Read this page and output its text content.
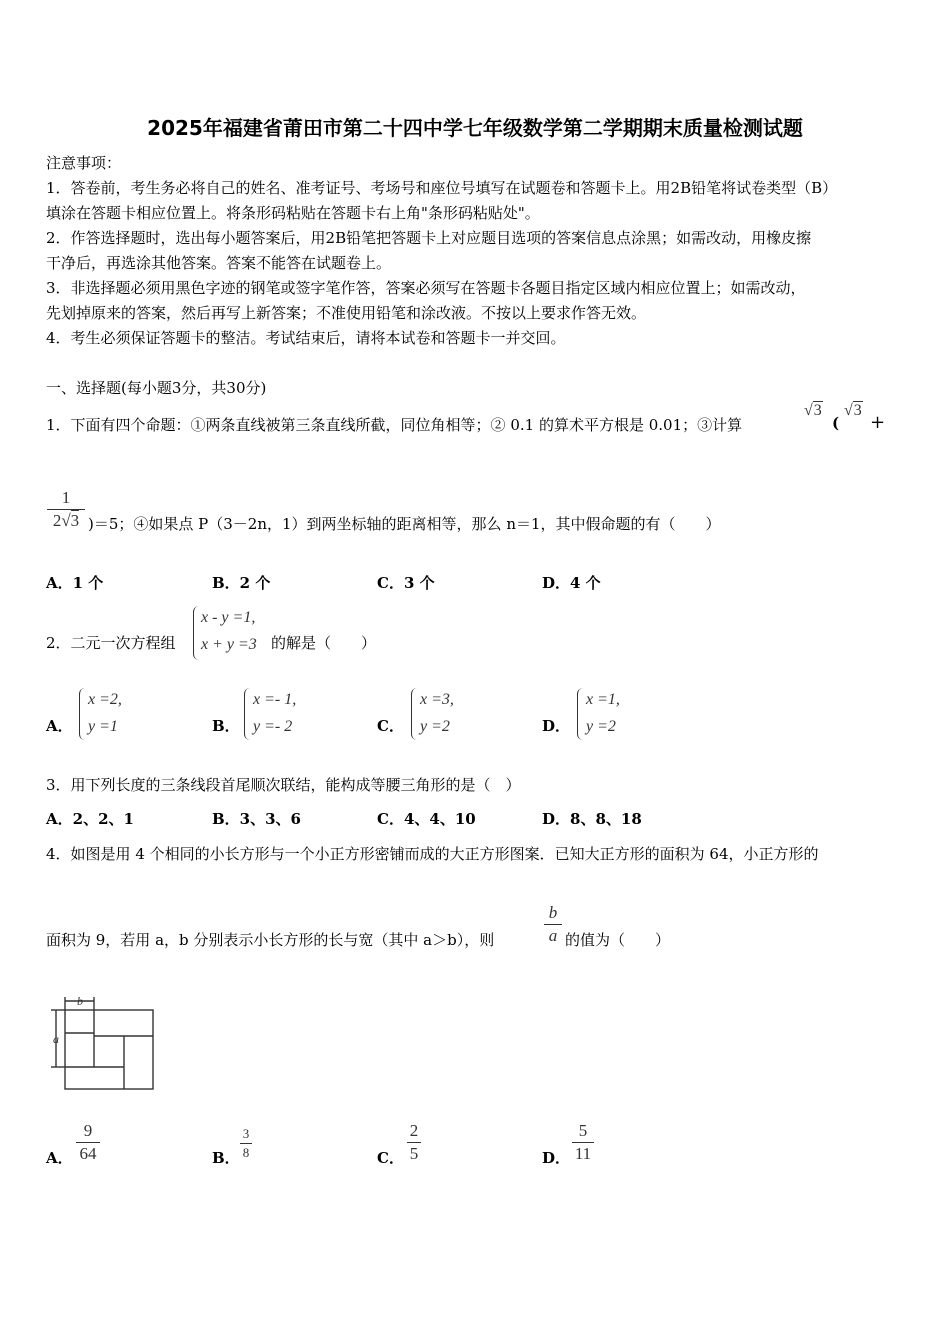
2025年福建省莆田市第二十四中学七年级数学第二学期期末质量检测试题
注意事项：
1．答卷前，考生务必将自己的姓名、准考证号、考场号和座位号填写在试题卷和答题卡上。用2B铅笔将试卷类型（B）
填涂在答题卡相应位置上。将条形码粘贴在答题卡右上角"条形码粘贴处"。
2．作答选择题时，选出每小题答案后，用2B铅笔把答题卡上对应题目选项的答案信息点涂黑；如需改动，用橡皮擦
干净后，再选涂其他答案。答案不能答在试题卷上。
3．非选择题必须用黑色字迹的钢笔或签字笔作答，答案必须写在答题卡各题目指定区域内相应位置上；如需改动，
先划掉原来的答案，然后再写上新答案；不准使用铅笔和涂改液。不按以上要求作答无效。
4．考生必须保证答题卡的整洁。考试结束后，请将本试卷和答题卡一并交回。
一、选择题(每小题3分，共30分)
1．下面有四个命题：①两条直线被第三条直线所截，同位角相等；② 0.1 的算术平方根是 0.01；③计算
√3
(
√3
+
1
2√3 )＝5；④如果点 P（3－2n，1）到两坐标轴的距离相等，那么 n＝1，其中假命题的有（　　）
A．1 个	B．2 个	C．3 个	D．4 个
2．二元一次方程组
x - y =1,
x + y =3 的解是（　　）
A．
x =2,
y =1	B．
x =- 1,
y =- 2	C．
x =3,
y =2	D．
x =1,
y =2
3．用下列长度的三条线段首尾顺次联结，能构成等腰三角形的是（　）
A．2、2、1	B．3、3、6	C．4、4、10	D．8、8、18
4．如图是用 4 个相同的小长方形与一个小正方形密铺而成的大正方形图案．已知大正方形的面积为 64，小正方形的
面积为 9，若用 a，b 分别表示小长方形的长与宽（其中 a＞b），则
b
a 的值为（　　）
b
a
A．
9
64	B．
3
8	C．
2
5	D．
5
11
